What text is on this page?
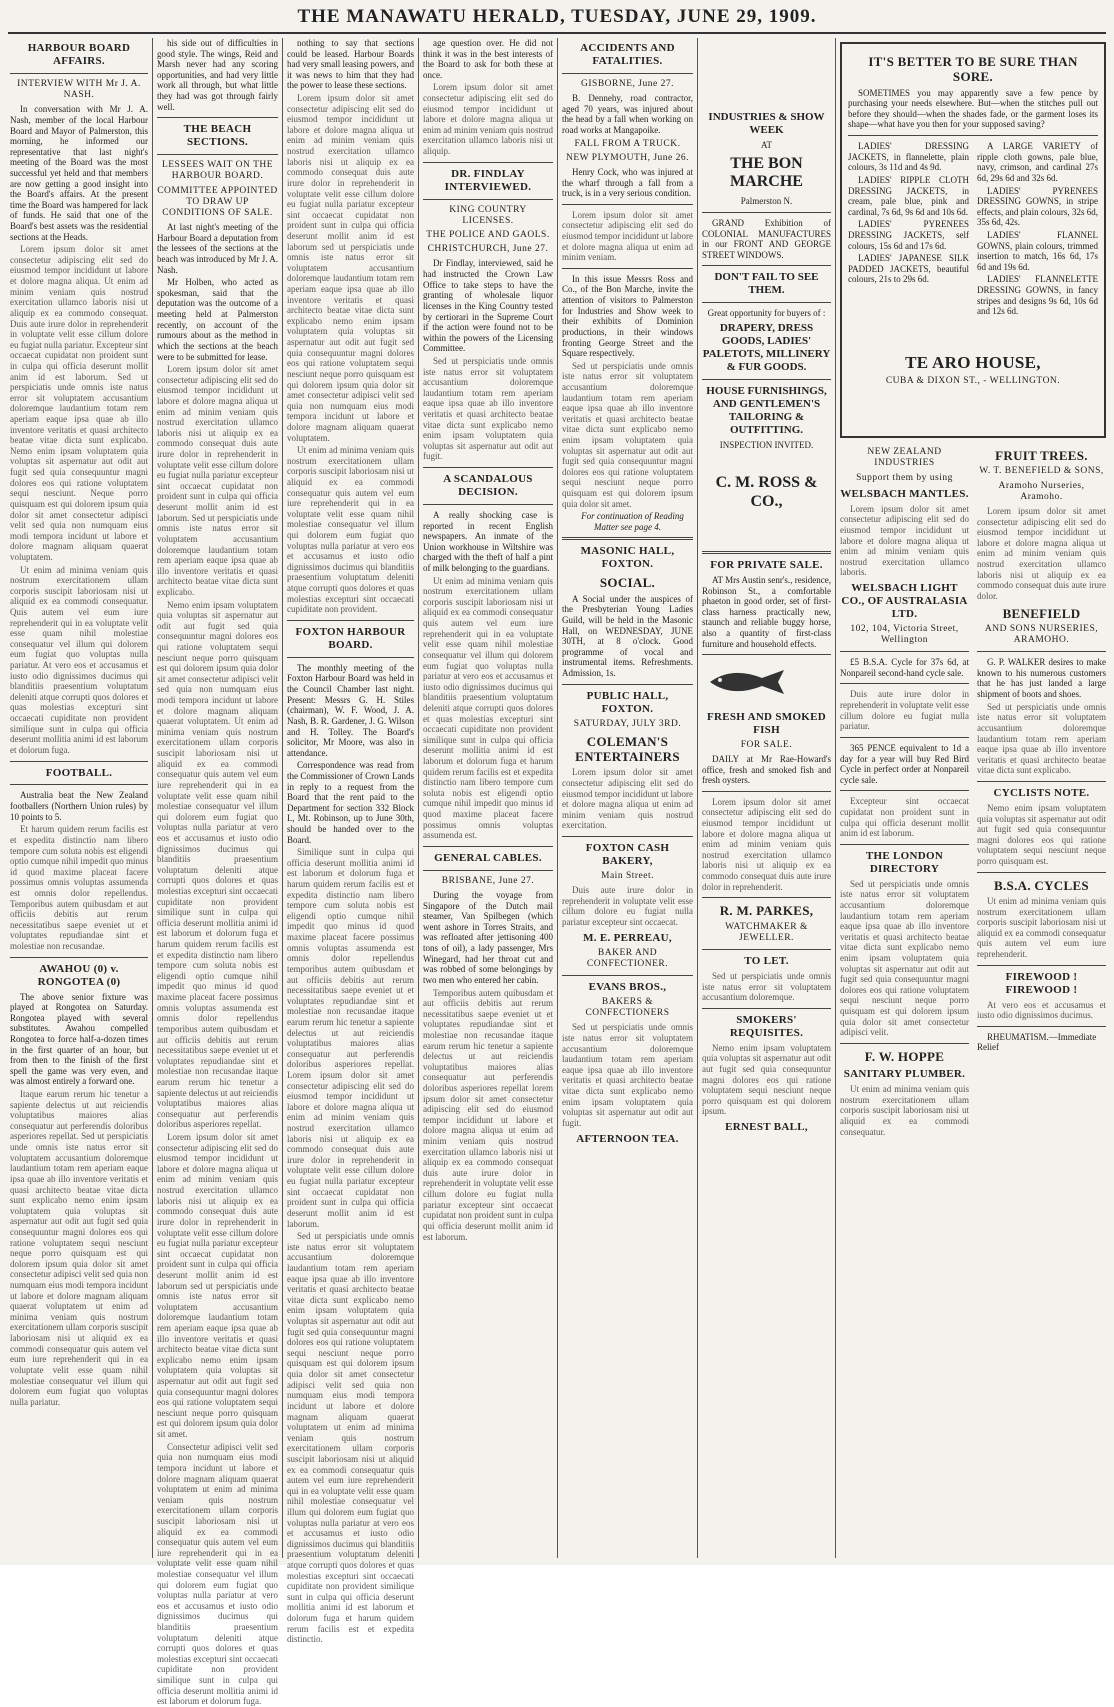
THE MANAWATU HERALD, TUESDAY, JUNE 29, 1909.
HARBOUR BOARD AFFAIRS.
INTERVIEW WITH Mr J. A. NASH.

In conversation with Mr J. A. Nash, member of the local Harbour Board and Mayor of Palmerston, this morning, he informed our representative that last night's meeting of the Board was the most successful yet held and that members are now getting a good insight into the Board's affairs. At the present time the Board was hampered for lack of funds. He said that one of the Board's best assets was the residential sections at the Heads.

Lorem ipsum dolor sit amet consectetur adipiscing elit sed do eiusmod tempor incididunt ut labore et dolore magna aliqua. Ut enim ad minim veniam quis nostrud exercitation ullamco laboris nisi ut aliquip ex ea commodo consequat. Duis aute irure dolor in reprehenderit in voluptate velit esse cillum dolore eu fugiat nulla pariatur. Excepteur sint occaecat cupidatat non proident sunt in culpa qui officia deserunt mollit anim id est laborum. Sed ut perspiciatis unde omnis iste natus error sit voluptatem accusantium doloremque laudantium totam rem aperiam eaque ipsa quae ab illo inventore veritatis et quasi architecto beatae vitae dicta sunt explicabo. Nemo enim ipsam voluptatem quia voluptas sit aspernatur aut odit aut fugit sed quia consequuntur magni dolores eos qui ratione voluptatem sequi nesciunt. Neque porro quisquam est qui dolorem ipsum quia dolor sit amet consectetur adipisci velit sed quia non numquam eius modi tempora incidunt ut labore et dolore magnam aliquam quaerat voluptatem.

Ut enim ad minima veniam quis nostrum exercitationem ullam corporis suscipit laboriosam nisi ut aliquid ex ea commodi consequatur. Quis autem vel eum iure reprehenderit qui in ea voluptate velit esse quam nihil molestiae consequatur vel illum qui dolorem eum fugiat quo voluptas nulla pariatur. At vero eos et accusamus et iusto odio dignissimos ducimus qui blanditiis praesentium voluptatum deleniti atque corrupti quos dolores et quas molestias excepturi sint occaecati cupiditate non provident similique sunt in culpa qui officia deserunt mollitia animi id est laborum et dolorum fuga.

FOOTBALL.

Australia beat the New Zealand footballers (Northern Union rules) by 10 points to 5.

Et harum quidem rerum facilis est et expedita distinctio nam libero tempore cum soluta nobis est eligendi optio cumque nihil impedit quo minus id quod maxime placeat facere possimus omnis voluptas assumenda est omnis dolor repellendus. Temporibus autem quibusdam et aut officiis debitis aut rerum necessitatibus saepe eveniet ut et voluptates repudiandae sint et molestiae non recusandae.

AWAHOU (0) v. RONGOTEA (0)

The above senior fixture was played at Rongotea on Saturday. Rongotea played with several substitutes. Awahou compelled Rongotea to force half-a-dozen times in the first quarter of an hour, but from then to the finish of the first spell the game was very even, and was almost entirely a forward one.

Itaque earum rerum hic tenetur a sapiente delectus ut aut reiciendis voluptatibus maiores alias consequatur aut perferendis doloribus asperiores repellat. Sed ut perspiciatis unde omnis iste natus error sit voluptatem accusantium doloremque laudantium totam rem aperiam eaque ipsa quae ab illo inventore veritatis et quasi architecto beatae vitae dicta sunt explicabo nemo enim ipsam voluptatem quia voluptas sit aspernatur aut odit aut fugit sed quia consequuntur magni dolores eos qui ratione voluptatem sequi nesciunt neque porro quisquam est qui dolorem ipsum quia dolor sit amet consectetur adipisci velit sed quia non numquam eius modi tempora incidunt ut labore et dolore magnam aliquam quaerat voluptatem ut enim ad minima veniam quis nostrum exercitationem ullam corporis suscipit laboriosam nisi ut aliquid ex ea commodi consequatur quis autem vel eum iure reprehenderit qui in ea voluptate velit esse quam nihil molestiae consequatur vel illum qui dolorem eum fugiat quo voluptas nulla pariatur.

his side out of difficulties in good style. The wings, Reid and Marsh never had any scoring opportunities, and had very little work all through, but what little they had was got through fairly well.

THE BEACH SECTIONS.
LESSEES WAIT ON THE HARBOUR BOARD.
COMMITTEE APPOINTED TO DRAW UP CONDITIONS OF SALE.

At last night's meeting of the Harbour Board a deputation from the lessees of the sections at the beach was introduced by Mr J. A. Nash.

Mr Holben, who acted as spokesman, said that the deputation was the outcome of a meeting held at Palmerston recently, on account of the rumours about as the method in which the sections at the beach were to be submitted for lease.

Lorem ipsum dolor sit amet consectetur adipiscing elit sed do eiusmod tempor incididunt ut labore et dolore magna aliqua ut enim ad minim veniam quis nostrud exercitation ullamco laboris nisi ut aliquip ex ea commodo consequat duis aute irure dolor in reprehenderit in voluptate velit esse cillum dolore eu fugiat nulla pariatur excepteur sint occaecat cupidatat non proident sunt in culpa qui officia deserunt mollit anim id est laborum. Sed ut perspiciatis unde omnis iste natus error sit voluptatem accusantium doloremque laudantium totam rem aperiam eaque ipsa quae ab illo inventore veritatis et quasi architecto beatae vitae dicta sunt explicabo.

Nemo enim ipsam voluptatem quia voluptas sit aspernatur aut odit aut fugit sed quia consequuntur magni dolores eos qui ratione voluptatem sequi nesciunt neque porro quisquam est qui dolorem ipsum quia dolor sit amet consectetur adipisci velit sed quia non numquam eius modi tempora incidunt ut labore et dolore magnam aliquam quaerat voluptatem. Ut enim ad minima veniam quis nostrum exercitationem ullam corporis suscipit laboriosam nisi ut aliquid ex ea commodi consequatur quis autem vel eum iure reprehenderit qui in ea voluptate velit esse quam nihil molestiae consequatur vel illum qui dolorem eum fugiat quo voluptas nulla pariatur at vero eos et accusamus et iusto odio dignissimos ducimus qui blanditiis praesentium voluptatum deleniti atque corrupti quos dolores et quas molestias excepturi sint occaecati cupiditate non provident similique sunt in culpa qui officia deserunt mollitia animi id est laborum et dolorum fuga et harum quidem rerum facilis est et expedita distinctio nam libero tempore cum soluta nobis est eligendi optio cumque nihil impedit quo minus id quod maxime placeat facere possimus omnis voluptas assumenda est omnis dolor repellendus temporibus autem quibusdam et aut officiis debitis aut rerum necessitatibus saepe eveniet ut et voluptates repudiandae sint et molestiae non recusandae itaque earum rerum hic tenetur a sapiente delectus ut aut reiciendis voluptatibus maiores alias consequatur aut perferendis doloribus asperiores repellat.

Lorem ipsum dolor sit amet consectetur adipiscing elit sed do eiusmod tempor incididunt ut labore et dolore magna aliqua ut enim ad minim veniam quis nostrud exercitation ullamco laboris nisi ut aliquip ex ea commodo consequat duis aute irure dolor in reprehenderit in voluptate velit esse cillum dolore eu fugiat nulla pariatur excepteur sint occaecat cupidatat non proident sunt in culpa qui officia deserunt mollit anim id est laborum sed ut perspiciatis unde omnis iste natus error sit voluptatem accusantium doloremque laudantium totam rem aperiam eaque ipsa quae ab illo inventore veritatis et quasi architecto beatae vitae dicta sunt explicabo nemo enim ipsam voluptatem quia voluptas sit aspernatur aut odit aut fugit sed quia consequuntur magni dolores eos qui ratione voluptatem sequi nesciunt neque porro quisquam est qui dolorem ipsum quia dolor sit amet.

Consectetur adipisci velit sed quia non numquam eius modi tempora incidunt ut labore et dolore magnam aliquam quaerat voluptatem ut enim ad minima veniam quis nostrum exercitationem ullam corporis suscipit laboriosam nisi ut aliquid ex ea commodi consequatur quis autem vel eum iure reprehenderit qui in ea voluptate velit esse quam nihil molestiae consequatur vel illum qui dolorem eum fugiat quo voluptas nulla pariatur at vero eos et accusamus et iusto odio dignissimos ducimus qui blanditiis praesentium voluptatum deleniti atque corrupti quos dolores et quas molestias excepturi sint occaecati cupiditate non provident similique sunt in culpa qui officia deserunt mollitia animi id est laborum et dolorum fuga.

nothing to say that sections could be leased. Harbour Boards had very small leasing powers, and it was news to him that they had the power to lease these sections.

Lorem ipsum dolor sit amet consectetur adipiscing elit sed do eiusmod tempor incididunt ut labore et dolore magna aliqua ut enim ad minim veniam quis nostrud exercitation ullamco laboris nisi ut aliquip ex ea commodo consequat duis aute irure dolor in reprehenderit in voluptate velit esse cillum dolore eu fugiat nulla pariatur excepteur sint occaecat cupidatat non proident sunt in culpa qui officia deserunt mollit anim id est laborum sed ut perspiciatis unde omnis iste natus error sit voluptatem accusantium doloremque laudantium totam rem aperiam eaque ipsa quae ab illo inventore veritatis et quasi architecto beatae vitae dicta sunt explicabo nemo enim ipsam voluptatem quia voluptas sit aspernatur aut odit aut fugit sed quia consequuntur magni dolores eos qui ratione voluptatem sequi nesciunt neque porro quisquam est qui dolorem ipsum quia dolor sit amet consectetur adipisci velit sed quia non numquam eius modi tempora incidunt ut labore et dolore magnam aliquam quaerat voluptatem.

Ut enim ad minima veniam quis nostrum exercitationem ullam corporis suscipit laboriosam nisi ut aliquid ex ea commodi consequatur quis autem vel eum iure reprehenderit qui in ea voluptate velit esse quam nihil molestiae consequatur vel illum qui dolorem eum fugiat quo voluptas nulla pariatur at vero eos et accusamus et iusto odio dignissimos ducimus qui blanditiis praesentium voluptatum deleniti atque corrupti quos dolores et quas molestias excepturi sint occaecati cupiditate non provident.

FOXTON HARBOUR BOARD.

The monthly meeting of the Foxton Harbour Board was held in the Council Chamber last night. Present: Messrs G. H. Stiles (chairman), W. F. Wood, J. A. Nash, B. R. Gardener, J. G. Wilson and H. Tolley. The Board's solicitor, Mr Moore, was also in attendance.

Correspondence was read from the Commissioner of Crown Lands in reply to a request from the Board that the rent paid to the Department for section 332 Block I., Mt. Robinson, up to June 30th, should be handed over to the Board.

Similique sunt in culpa qui officia deserunt mollitia animi id est laborum et dolorum fuga et harum quidem rerum facilis est et expedita distinctio nam libero tempore cum soluta nobis est eligendi optio cumque nihil impedit quo minus id quod maxime placeat facere possimus omnis voluptas assumenda est omnis dolor repellendus temporibus autem quibusdam et aut officiis debitis aut rerum necessitatibus saepe eveniet ut et voluptates repudiandae sint et molestiae non recusandae itaque earum rerum hic tenetur a sapiente delectus ut aut reiciendis voluptatibus maiores alias consequatur aut perferendis doloribus asperiores repellat. Lorem ipsum dolor sit amet consectetur adipiscing elit sed do eiusmod tempor incididunt ut labore et dolore magna aliqua ut enim ad minim veniam quis nostrud exercitation ullamco laboris nisi ut aliquip ex ea commodo consequat duis aute irure dolor in reprehenderit in voluptate velit esse cillum dolore eu fugiat nulla pariatur excepteur sint occaecat cupidatat non proident sunt in culpa qui officia deserunt mollit anim id est laborum.

Sed ut perspiciatis unde omnis iste natus error sit voluptatem accusantium doloremque laudantium totam rem aperiam eaque ipsa quae ab illo inventore veritatis et quasi architecto beatae vitae dicta sunt explicabo nemo enim ipsam voluptatem quia voluptas sit aspernatur aut odit aut fugit sed quia consequuntur magni dolores eos qui ratione voluptatem sequi nesciunt neque porro quisquam est qui dolorem ipsum quia dolor sit amet consectetur adipisci velit sed quia non numquam eius modi tempora incidunt ut labore et dolore magnam aliquam quaerat voluptatem ut enim ad minima veniam quis nostrum exercitationem ullam corporis suscipit laboriosam nisi ut aliquid ex ea commodi consequatur quis autem vel eum iure reprehenderit qui in ea voluptate velit esse quam nihil molestiae consequatur vel illum qui dolorem eum fugiat quo voluptas nulla pariatur at vero eos et accusamus et iusto odio dignissimos ducimus qui blanditiis praesentium voluptatum deleniti atque corrupti quos dolores et quas molestias excepturi sint occaecati cupiditate non provident similique sunt in culpa qui officia deserunt mollitia animi id est laborum et dolorum fuga et harum quidem rerum facilis est et expedita distinctio.

age question over. He did not think it was in the best interests of the Board to ask for both these at once.

Lorem ipsum dolor sit amet consectetur adipiscing elit sed do eiusmod tempor incididunt ut labore et dolore magna aliqua ut enim ad minim veniam quis nostrud exercitation ullamco laboris nisi ut aliquip.

DR. FINDLAY INTERVIEWED.
KING COUNTRY LICENSES.
THE POLICE AND GAOLS.
CHRISTCHURCH, June 27.

Dr Findlay, interviewed, said he had instructed the Crown Law Office to take steps to have the granting of wholesale liquor licenses in the King Country tested by certiorari in the Supreme Court if the action were found not to be within the powers of the Licensing Committee.

Sed ut perspiciatis unde omnis iste natus error sit voluptatem accusantium doloremque laudantium totam rem aperiam eaque ipsa quae ab illo inventore veritatis et quasi architecto beatae vitae dicta sunt explicabo nemo enim ipsam voluptatem quia voluptas sit aspernatur aut odit aut fugit.

A SCANDALOUS DECISION.

A really shocking case is reported in recent English newspapers. An inmate of the Union workhouse in Wiltshire was charged with the theft of half a pint of milk belonging to the guardians.

Ut enim ad minima veniam quis nostrum exercitationem ullam corporis suscipit laboriosam nisi ut aliquid ex ea commodi consequatur quis autem vel eum iure reprehenderit qui in ea voluptate velit esse quam nihil molestiae consequatur vel illum qui dolorem eum fugiat quo voluptas nulla pariatur at vero eos et accusamus et iusto odio dignissimos ducimus qui blanditiis praesentium voluptatum deleniti atque corrupti quos dolores et quas molestias excepturi sint occaecati cupiditate non provident similique sunt in culpa qui officia deserunt mollitia animi id est laborum et dolorum fuga et harum quidem rerum facilis est et expedita distinctio nam libero tempore cum soluta nobis est eligendi optio cumque nihil impedit quo minus id quod maxime placeat facere possimus omnis voluptas assumenda est.

GENERAL CABLES.
BRISBANE, June 27.

During the voyage from Singapore of the Dutch mail steamer, Van Spilbegen (which went ashore in Torres Straits, and was refloated after jettisoning 400 tons of oil), a lady passenger, Mrs Winegard, had her throat cut and was robbed of some belongings by two men who entered her cabin.

Temporibus autem quibusdam et aut officiis debitis aut rerum necessitatibus saepe eveniet ut et voluptates repudiandae sint et molestiae non recusandae itaque earum rerum hic tenetur a sapiente delectus ut aut reiciendis voluptatibus maiores alias consequatur aut perferendis doloribus asperiores repellat lorem ipsum dolor sit amet consectetur adipiscing elit sed do eiusmod tempor incididunt ut labore et dolore magna aliqua ut enim ad minim veniam quis nostrud exercitation ullamco laboris nisi ut aliquip ex ea commodo consequat duis aute irure dolor in reprehenderit in voluptate velit esse cillum dolore eu fugiat nulla pariatur excepteur sint occaecat cupidatat non proident sunt in culpa qui officia deserunt mollit anim id est laborum.

ACCIDENTS AND FATALITIES.
GISBORNE, June 27.

B. Dennehy, road contractor, aged 70 years, was injured about the head by a fall when working on road works at Mangapoike.

FALL FROM A TRUCK.
NEW PLYMOUTH, June 26.

Henry Cock, who was injured at the wharf through a fall from a truck, is in a very serious condition.

Lorem ipsum dolor sit amet consectetur adipiscing elit sed do eiusmod tempor incididunt ut labore et dolore magna aliqua ut enim ad minim veniam.

In this issue Messrs Ross and Co., of the Bon Marche, invite the attention of visitors to Palmerston for Industries and Show week to their exhibits of Dominion productions, in their windows fronting George Street and the Square respectively.

Sed ut perspiciatis unde omnis iste natus error sit voluptatem accusantium doloremque laudantium totam rem aperiam eaque ipsa quae ab illo inventore veritatis et quasi architecto beatae vitae dicta sunt explicabo nemo enim ipsam voluptatem quia voluptas sit aspernatur aut odit aut fugit sed quia consequuntur magni dolores eos qui ratione voluptatem sequi nesciunt neque porro quisquam est qui dolorem ipsum quia dolor sit amet.

For continuation of Reading Matter see page 4.

MASONIC HALL, FOXTON.
SOCIAL.

A Social under the auspices of the Presbyterian Young Ladies Guild, will be held in the Masonic Hall, on WEDNESDAY, JUNE 30TH, at 8 o'clock. Good programme of vocal and instrumental items. Refreshments. Admission, 1s.

PUBLIC HALL, FOXTON.
SATURDAY, JULY 3RD.
COLEMAN'S ENTERTAINERS

Lorem ipsum dolor sit amet consectetur adipiscing elit sed do eiusmod tempor incididunt ut labore et dolore magna aliqua ut enim ad minim veniam quis nostrud exercitation.

FOXTON CASH BAKERY,
Main Street.

Duis aute irure dolor in reprehenderit in voluptate velit esse cillum dolore eu fugiat nulla pariatur excepteur sint occaecat.

M. E. PERREAU,
BAKER AND CONFECTIONER.
EVANS BROS.,
BAKERS & CONFECTIONERS

Sed ut perspiciatis unde omnis iste natus error sit voluptatem accusantium doloremque laudantium totam rem aperiam eaque ipsa quae ab illo inventore veritatis et quasi architecto beatae vitae dicta sunt explicabo nemo enim ipsam voluptatem quia voluptas sit aspernatur aut odit aut fugit.

AFTERNOON TEA.
INDUSTRIES & SHOW WEEK
AT
THE BON MARCHE
Palmerston N.

GRAND Exhibition of COLONIAL MANUFACTURES in our FRONT AND GEORGE STREET WINDOWS.

DON'T FAIL TO SEE THEM.
Great opportunity for buyers of :
DRAPERY, DRESS GOODS, LADIES' PALETOTS, MILLINERY & FUR GOODS.
HOUSE FURNISHINGS, AND GENTLEMEN'S TAILORING & OUTFITTING.
INSPECTION INVITED.
C. M. ROSS & CO.,
FOR PRIVATE SALE.

AT Mrs Austin senr's., residence, Robinson St., a comfortable phaeton in good order, set of first-class harness practically new, staunch and reliable buggy horse, also a quantity of first-class furniture and household effects.

FRESH AND SMOKED FISH
FOR SALE.

DAILY at Mr Rae-Howard's office, fresh and smoked fish and fresh oysters.

Lorem ipsum dolor sit amet consectetur adipiscing elit sed do eiusmod tempor incididunt ut labore et dolore magna aliqua ut enim ad minim veniam quis nostrud exercitation ullamco laboris nisi ut aliquip ex ea commodo consequat duis aute irure dolor in reprehenderit.

R. M. PARKES,
WATCHMAKER & JEWELLER.
TO LET.

Sed ut perspiciatis unde omnis iste natus error sit voluptatem accusantium doloremque.

SMOKERS' REQUISITES.

Nemo enim ipsam voluptatem quia voluptas sit aspernatur aut odit aut fugit sed quia consequuntur magni dolores eos qui ratione voluptatem sequi nesciunt neque porro quisquam est qui dolorem ipsum.

ERNEST BALL,
IT'S BETTER TO BE SURE THAN SORE.

SOMETIMES you may apparently save a few pence by purchasing your needs elsewhere. But—when the stitches pull out before they should—when the shades fade, or the garment loses its shape—what have you then for your supposed saving?

LADIES' DRESSING JACKETS, in flannelette, plain colours, 3s 11d and 4s 9d.

LADIES' RIPPLE CLOTH DRESSING JACKETS, in cream, pale blue, pink and cardinal, 7s 6d, 9s 6d and 10s 6d.

LADIES' PYRENEES DRESSING JACKETS, self colours, 15s 6d and 17s 6d.

LADIES' JAPANESE SILK PADDED JACKETS, beautiful colours, 21s to 29s 6d.

A LARGE VARIETY of ripple cloth gowns, pale blue, navy, crimson, and cardinal 27s 6d, 29s 6d and 32s 6d.

LADIES' PYRENEES DRESSING GOWNS, in stripe effects, and plain colours, 32s 6d, 35s 6d, 42s.

LADIES' FLANNEL GOWNS, plain colours, trimmed insertion to match, 16s 6d, 17s 6d and 19s 6d.

LADIES' FLANNELETTE DRESSING GOWNS, in fancy stripes and designs 9s 6d, 10s 6d and 12s 6d.

TE ARO HOUSE,
CUBA & DIXON ST., - WELLINGTON.
NEW ZEALAND INDUSTRIES
Support them by using
WELSBACH MANTLES.

Lorem ipsum dolor sit amet consectetur adipiscing elit sed do eiusmod tempor incididunt ut labore et dolore magna aliqua ut enim ad minim veniam quis nostrud exercitation ullamco laboris.

WELSBACH LIGHT CO., OF AUSTRALASIA LTD.
102, 104, Victoria Street, Wellington

£5 B.S.A. Cycle for 37s 6d, at Nonpareil second-hand cycle sale.

Duis aute irure dolor in reprehenderit in voluptate velit esse cillum dolore eu fugiat nulla pariatur.

365 PENCE equivalent to 1d a day for a year will buy Red Bird Cycle in perfect order at Nonpareil cycle sale.

Excepteur sint occaecat cupidatat non proident sunt in culpa qui officia deserunt mollit anim id est laborum.

THE LONDON DIRECTORY

Sed ut perspiciatis unde omnis iste natus error sit voluptatem accusantium doloremque laudantium totam rem aperiam eaque ipsa quae ab illo inventore veritatis et quasi architecto beatae vitae dicta sunt explicabo nemo enim ipsam voluptatem quia voluptas sit aspernatur aut odit aut fugit sed quia consequuntur magni dolores eos qui ratione voluptatem sequi nesciunt neque porro quisquam est qui dolorem ipsum quia dolor sit amet consectetur adipisci velit.

F. W. HOPPE
SANITARY PLUMBER.

Ut enim ad minima veniam quis nostrum exercitationem ullam corporis suscipit laboriosam nisi ut aliquid ex ea commodi consequatur.

FRUIT TREES.
W. T. BENEFIELD & SONS,
Aramoho Nurseries, Aramoho.

Lorem ipsum dolor sit amet consectetur adipiscing elit sed do eiusmod tempor incididunt ut labore et dolore magna aliqua ut enim ad minim veniam quis nostrud exercitation ullamco laboris nisi ut aliquip ex ea commodo consequat duis aute irure dolor.

BENEFIELD
AND SONS NURSERIES, ARAMOHO.

G. P. WALKER desires to make known to his numerous customers that he has just landed a large shipment of boots and shoes.

Sed ut perspiciatis unde omnis iste natus error sit voluptatem accusantium doloremque laudantium totam rem aperiam eaque ipsa quae ab illo inventore veritatis et quasi architecto beatae vitae dicta sunt explicabo.

CYCLISTS NOTE.

Nemo enim ipsam voluptatem quia voluptas sit aspernatur aut odit aut fugit sed quia consequuntur magni dolores eos qui ratione voluptatem sequi nesciunt neque porro quisquam est.

B.S.A. CYCLES

Ut enim ad minima veniam quis nostrum exercitationem ullam corporis suscipit laboriosam nisi ut aliquid ex ea commodi consequatur quis autem vel eum iure reprehenderit.

FIREWOOD ! FIREWOOD !

At vero eos et accusamus et iusto odio dignissimos ducimus.

RHEUMATISM.—Immediate Relief
